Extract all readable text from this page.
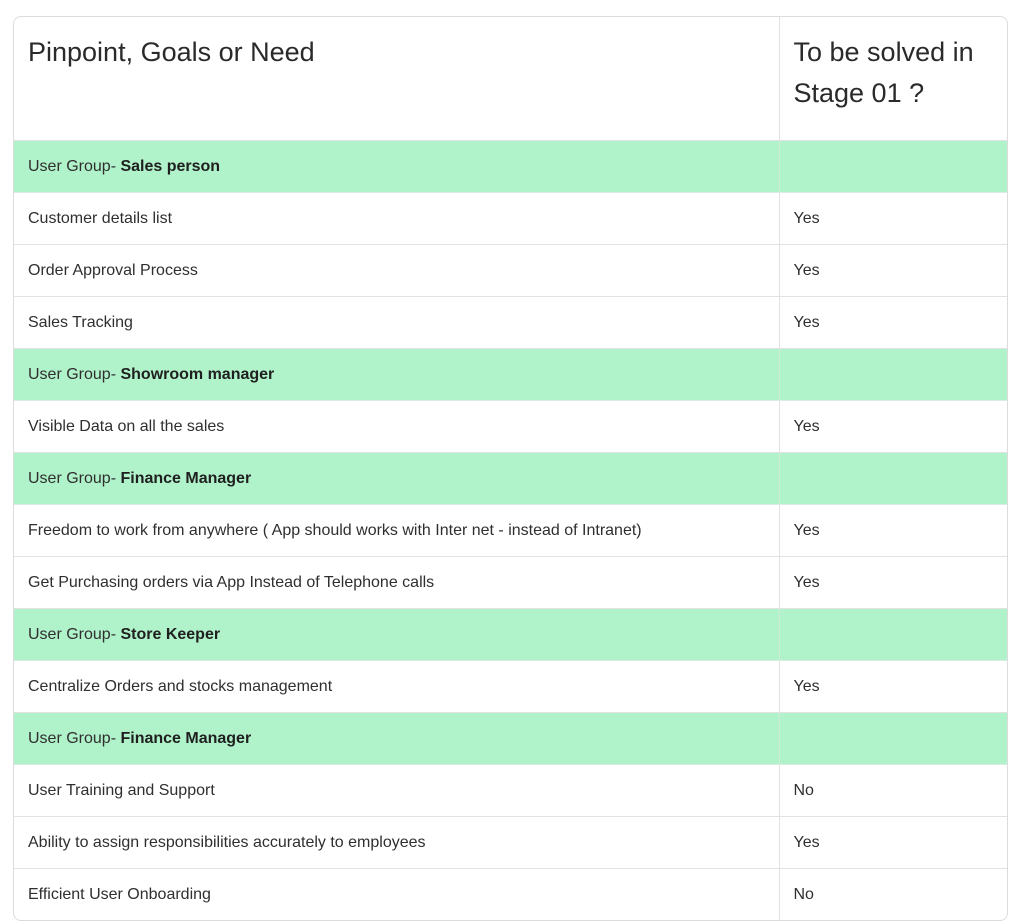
Pinpoint, Goals or Need	To be solved in
Stage 01 ?
User Group- Sales person	
Customer details list	Yes
Order Approval Process	Yes
Sales Tracking	Yes
User Group- Showroom manager	
Visible Data on all the sales	Yes
User Group- Finance Manager	
Freedom to work from anywhere ( App should works with Inter net - instead of Intranet)	Yes
Get Purchasing orders via App Instead of Telephone calls	Yes
User Group- Store Keeper	
Centralize Orders and stocks management	Yes
User Group- Finance Manager	
User Training and Support	No
Ability to assign responsibilities accurately to employees	Yes
Efficient User Onboarding	No
